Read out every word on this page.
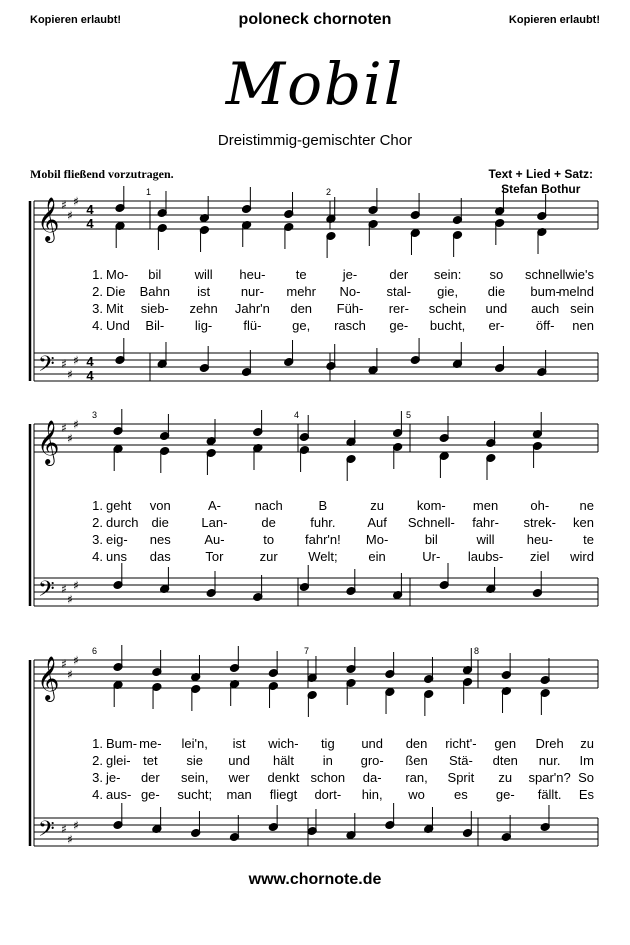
Kopieren erlaubt!	poloneck chornoten	Kopieren erlaubt!
Mobil
Dreistimmig-gemischter Chor
Mobil fließend vorzutragen.	Text + Lied + Satz:
Stefan Bothur
𝄞
𝄢
♯
♯
♯
♯
♯
♯
4
4
4
4
1	2
1. Mo- bil	will heu- te	je- der sein: so schnell wie's
2. Die Bahn ist nur- mehr No- stal- gie, die bum-
melnd
3. Mit sieb- zehn Jahr'n den Füh- rer- schein und auch sein
4. Und Bil- lig- flü- ge, rasch ge- bucht, er- öff- nen
𝄞
𝄢
♯
♯
♯
♯
♯
♯
3	4	5
1. geht von	A-	nach	B	zu	kom- men oh- ne
2. durch die	Lan-	de	fuhr. Auf Schnell- fahr- strek- ken
3. eig- nes	Au-	to fahr'n! Mo-	bil	will heu- te
4. uns das	Tor	zur Welt; ein	Ur- laubs- ziel wird
𝄞
𝄢
♯
♯
♯
♯
♯
♯
6	7	8
1. Bum- me- lei'n, ist wich- tig und den richt'- gen Dreh zu
2. glei- tet sie und hält in gro- ßen Stä- dten nur. Im
3. je- der sein, wer denkt schon da- ran, Sprit zu spar'n? So
4. aus- ge- sucht; man fliegt dort- hin, wo es ge- fällt. Es
www.chornote.de
